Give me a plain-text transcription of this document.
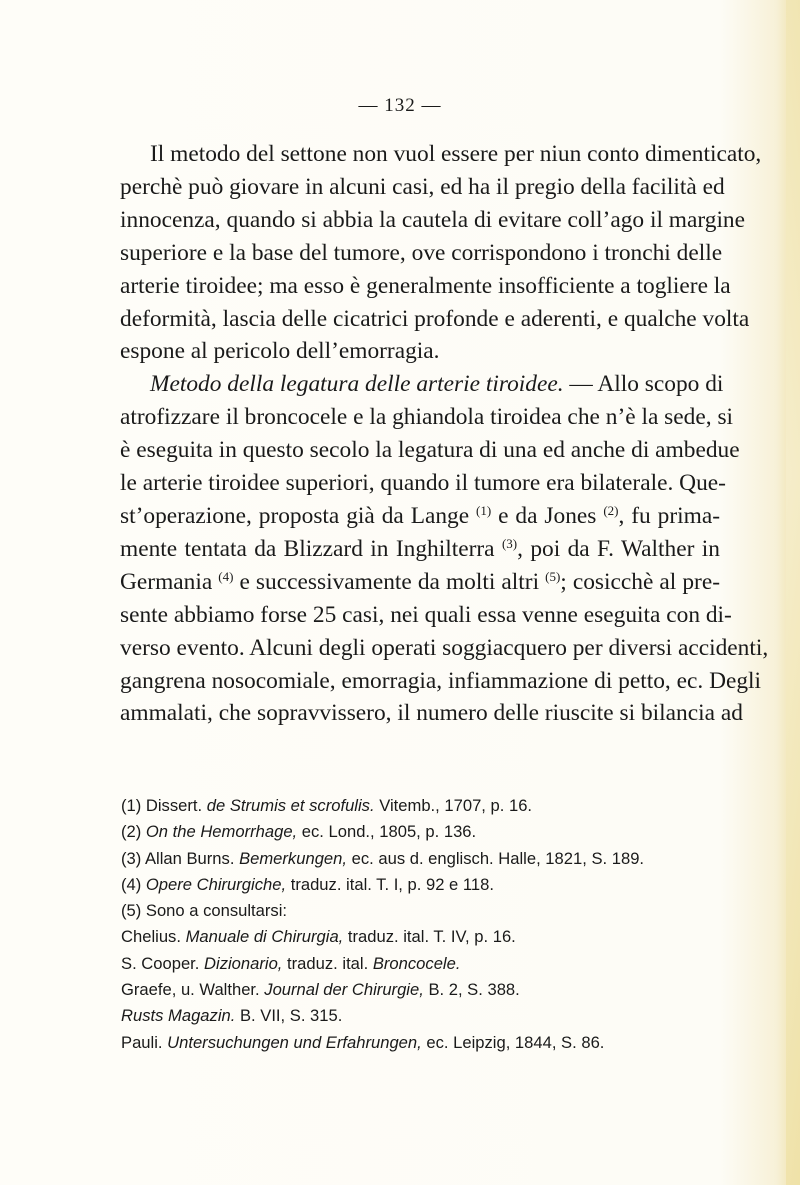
— 132 —
Il metodo del settone non vuol essere per niun conto dimenticato,
perchè può giovare in alcuni casi, ed ha il pregio della facilità ed
innocenza, quando si abbia la cautela di evitare coll’ago il margine
superiore e la base del tumore, ove corrispondono i tronchi delle
arterie tiroidee; ma esso è generalmente insofficiente a togliere la
deformità, lascia delle cicatrici profonde e aderenti, e qualche volta
espone al pericolo dell’emorragia.
Metodo della legatura delle arterie tiroidee. — Allo scopo di
atrofizzare il broncocele e la ghiandola tiroidea che n’è la sede, si
è eseguita in questo secolo la legatura di una ed anche di ambedue
le arterie tiroidee superiori, quando il tumore era bilaterale. Que-
st’operazione, proposta già da Lange $^{(1)}$ e da Jones $^{(2)}$, fu prima-
mente tentata da Blizzard in Inghilterra $^{(3)}$, poi da F. Walther in
Germania $^{(4)}$ e successivamente da molti altri $^{(5)}$; cosicchè al pre-
sente abbiamo forse 25 casi, nei quali essa venne eseguita con di-
verso evento. Alcuni degli operati soggiacquero per diversi accidenti,
gangrena nosocomiale, emorragia, infiammazione di petto, ec. Degli
ammalati, che sopravvissero, il numero delle riuscite si bilancia ad
(1) Dissert. de Strumis et scrofulis. Vitemb., 1707, p. 16.
(2) On the Hemorrhage, ec. Lond., 1805, p. 136.
(3) Allan Burns. Bemerkungen, ec. aus d. englisch. Halle, 1821, S. 189.
(4) Opere Chirurgiche, traduz. ital. T. I, p. 92 e 118.
(5) Sono a consultarsi:
Chelius. Manuale di Chirurgia, traduz. ital. T. IV, p. 16.
S. Cooper. Dizionario, traduz. ital. Broncocele.
Graefe, u. Walther. Journal der Chirurgie, B. 2, S. 388.
Rusts Magazin. B. VII, S. 315.
Pauli. Untersuchungen und Erfahrungen, ec. Leipzig, 1844, S. 86.
